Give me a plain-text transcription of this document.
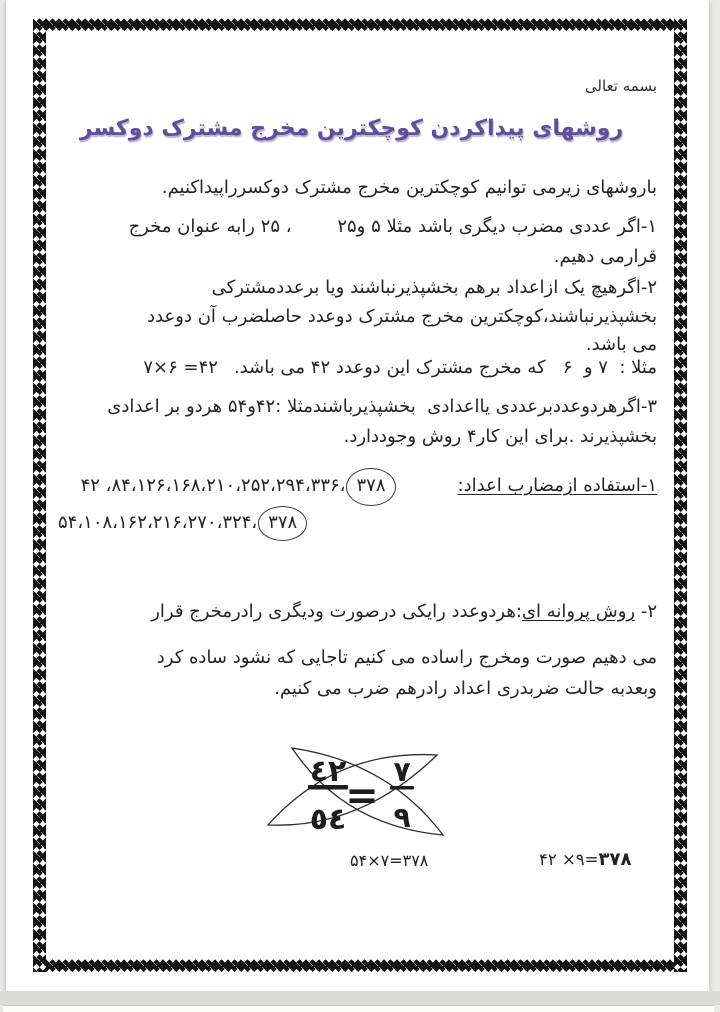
بسمه تعالی
روشهای پیداکردن کوچکترین مخرج مشترک دوکسر
باروشهای زیرمی توانیم کوچکترین مخرج مشترک دوکسرراپیداکنیم.
۱-اگر عددی مضرب دیگری باشد مثلا ۵ و۲۵        ، ۲۵ رابه عنوان مخرج
قرارمی دهیم.
۲-اگرهیچ یک ازاعداد برهم بخشپذیرنباشند ویا برعددمشترکی
بخشپذیرنباشند،کوچکترین مخرج مشترک دوعدد حاصلضرب آن دوعدد
می باشد.
مثلا :  ۷ و  ۶   که مخرج مشترک این دوعدد ۴۲ می باشد.۷×۶ =۴۲
۳-اگرهردوعددبرعددی یااعدادی  بخشپذیرباشندمثلا :۴۲و۵۴ هردو بر اعدادی
بخشپذیرند .برای این کار۴ روش وجوددارد.
۱-استفاده ازمضارب اعداد:۴۲ ،۸۴،۱۲۶،۱۶۸،۲۱۰،۲۵۲،۲۹۴،۳۳۶، ۳۷۸
۵۴،۱۰۸،۱۶۲،۲۱۶،۲۷۰،۳۲۴، ۳۷۸
۲- روش پروانه ای:هردوعدد رایکی درصورت ودیگری رادرمخرج قرار
می دهیم صورت ومخرج راساده می کنیم تاجایی که نشود ساده کرد
وبعدبه حالت ضربدری اعداد رادرهم ضرب می کنیم.
٤٢
٥٤
=
٧
٩
۵۴×۷=۳۷۸	۴۲ ×۹=۳۷۸
